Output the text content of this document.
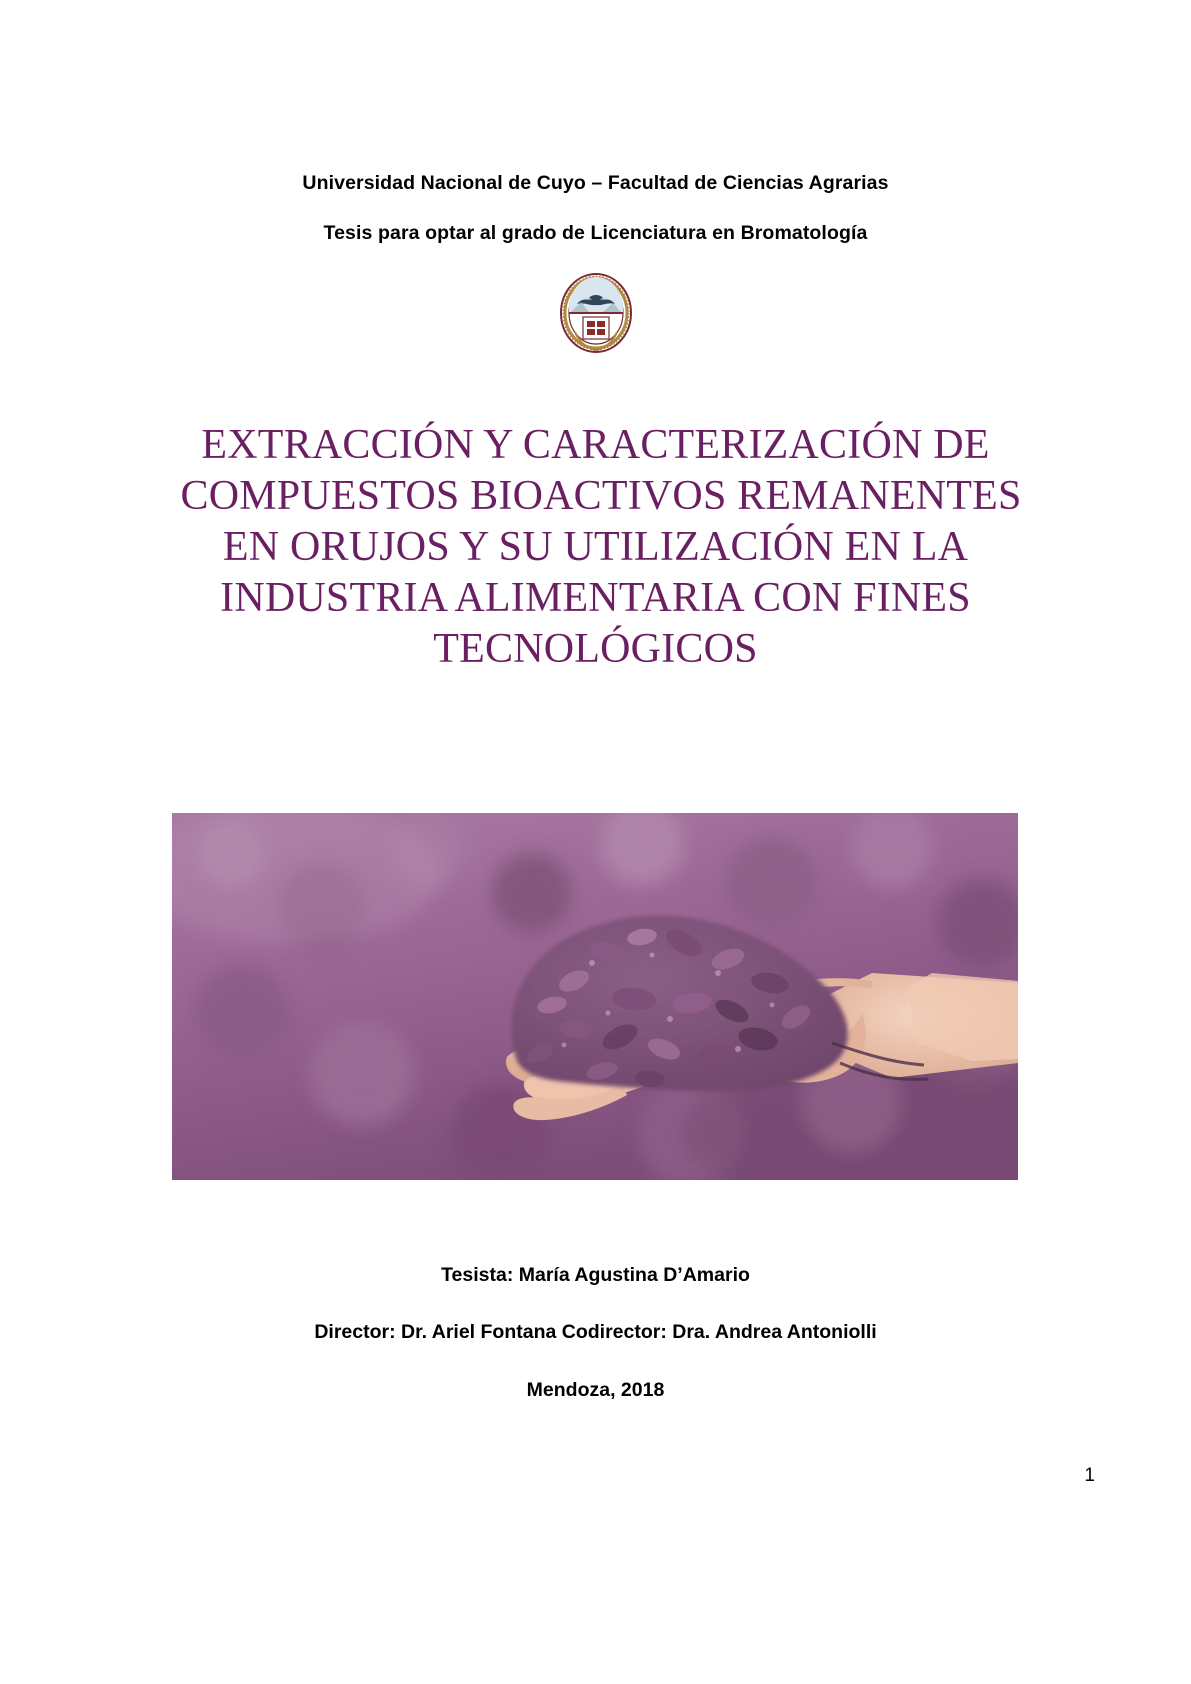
Universidad Nacional de Cuyo – Facultad de Ciencias Agrarias
Tesis para optar al grado de Licenciatura en Bromatología
EXTRACCIÓN Y CARACTERIZACIÓN DE
COMPUESTOS BIOACTIVOS REMANENTES
EN ORUJOS Y SU UTILIZACIÓN EN LA
INDUSTRIA ALIMENTARIA CON FINES
TECNOLÓGICOS
Tesista: María Agustina D’Amario
Director: Dr. Ariel Fontana Codirector: Dra. Andrea Antoniolli
Mendoza, 2018
1
